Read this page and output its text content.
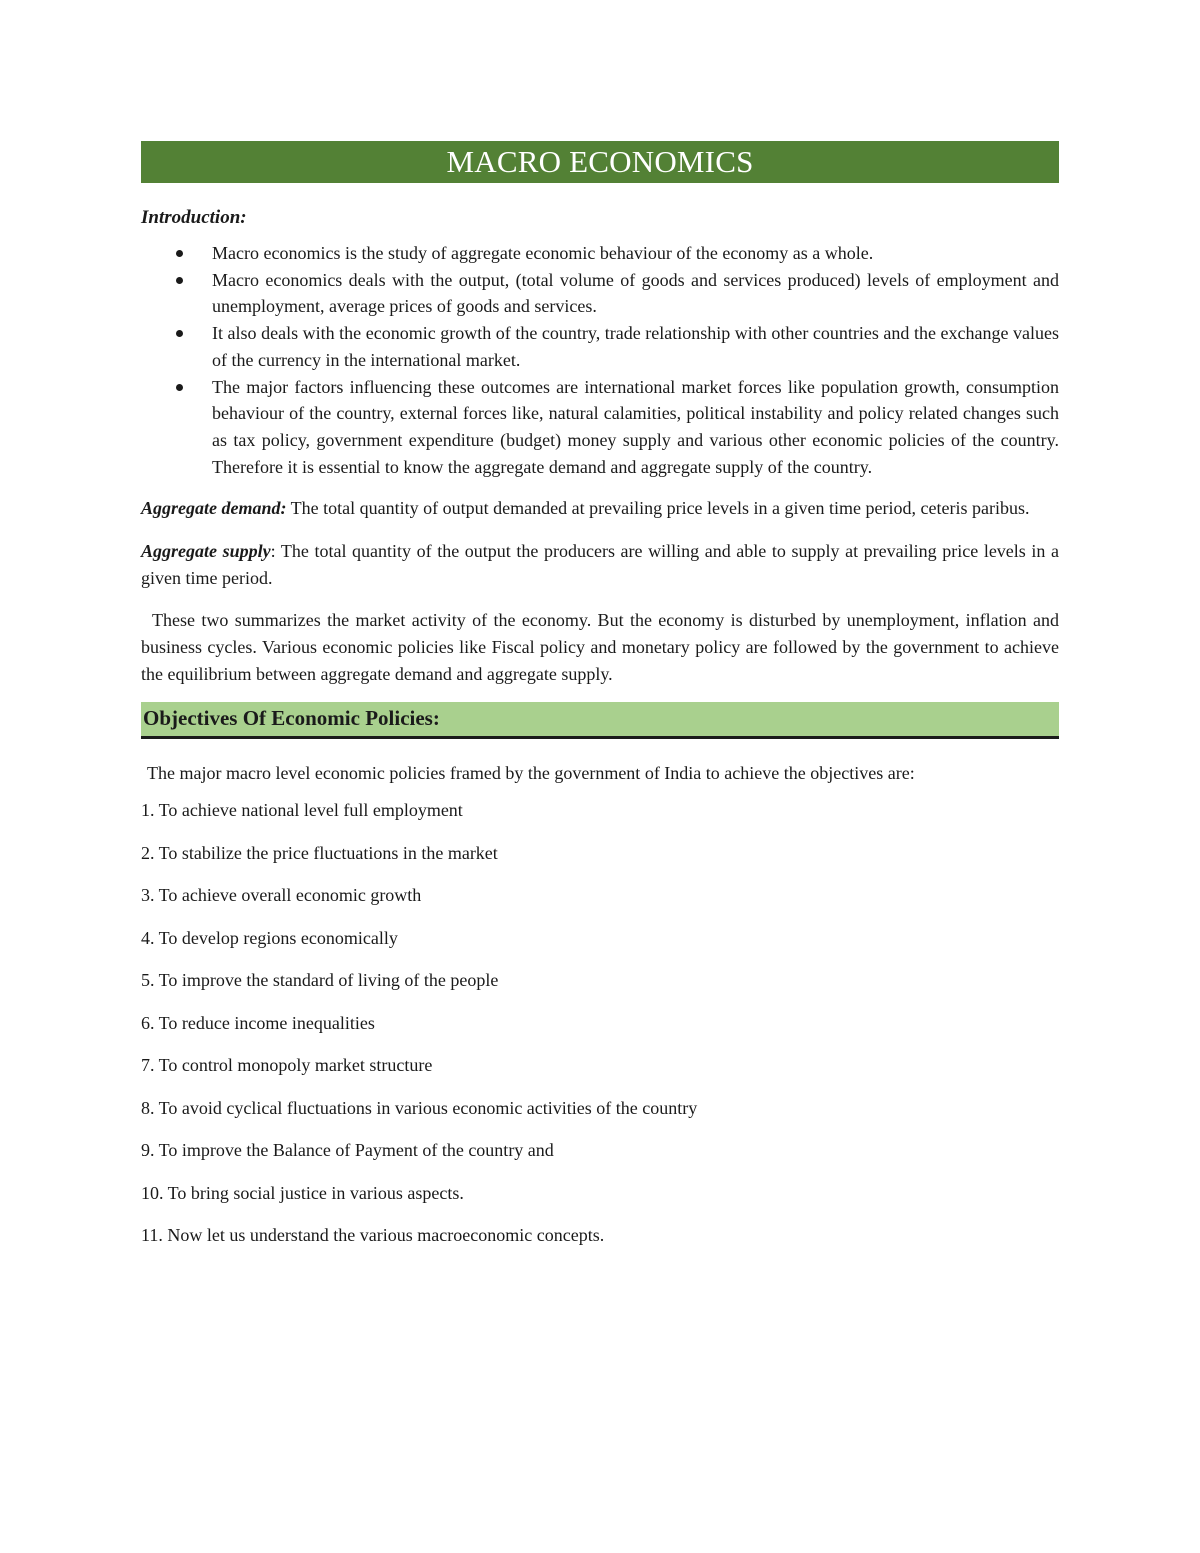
MACRO ECONOMICS
Introduction:
Macro economics is the study of aggregate economic behaviour of the economy as a whole.
Macro economics deals with the output, (total volume of goods and services produced) levels of employment and unemployment, average prices of goods and services.
It also deals with the economic growth of the country, trade relationship with other countries and the exchange values of the currency in the international market.
The major factors influencing these outcomes are international market forces like population growth, consumption behaviour of the country, external forces like, natural calamities, political instability and policy related changes such as tax policy, government expenditure (budget) money supply and various other economic policies of the country. Therefore it is essential to know the aggregate demand and aggregate supply of the country.

Aggregate demand: The total quantity of output demanded at prevailing price levels in a given time period, ceteris paribus.

Aggregate supply: The total quantity of the output the producers are willing and able to supply at prevailing price levels in a given time period.

These two summarizes the market activity of the economy. But the economy is disturbed by unemployment, inflation and business cycles. Various economic policies like Fiscal policy and monetary policy are followed by the government to achieve the equilibrium between aggregate demand and aggregate supply.

Objectives Of Economic Policies:

The major macro level economic policies framed by the government of India to achieve the objectives are:

1. To achieve national level full employment
2. To stabilize the price fluctuations in the market
3. To achieve overall economic growth
4. To develop regions economically
5. To improve the standard of living of the people
6. To reduce income inequalities
7. To control monopoly market structure
8. To avoid cyclical fluctuations in various economic activities of the country
9. To improve the Balance of Payment of the country and
10. To bring social justice in various aspects.
11. Now let us understand the various macroeconomic concepts.
